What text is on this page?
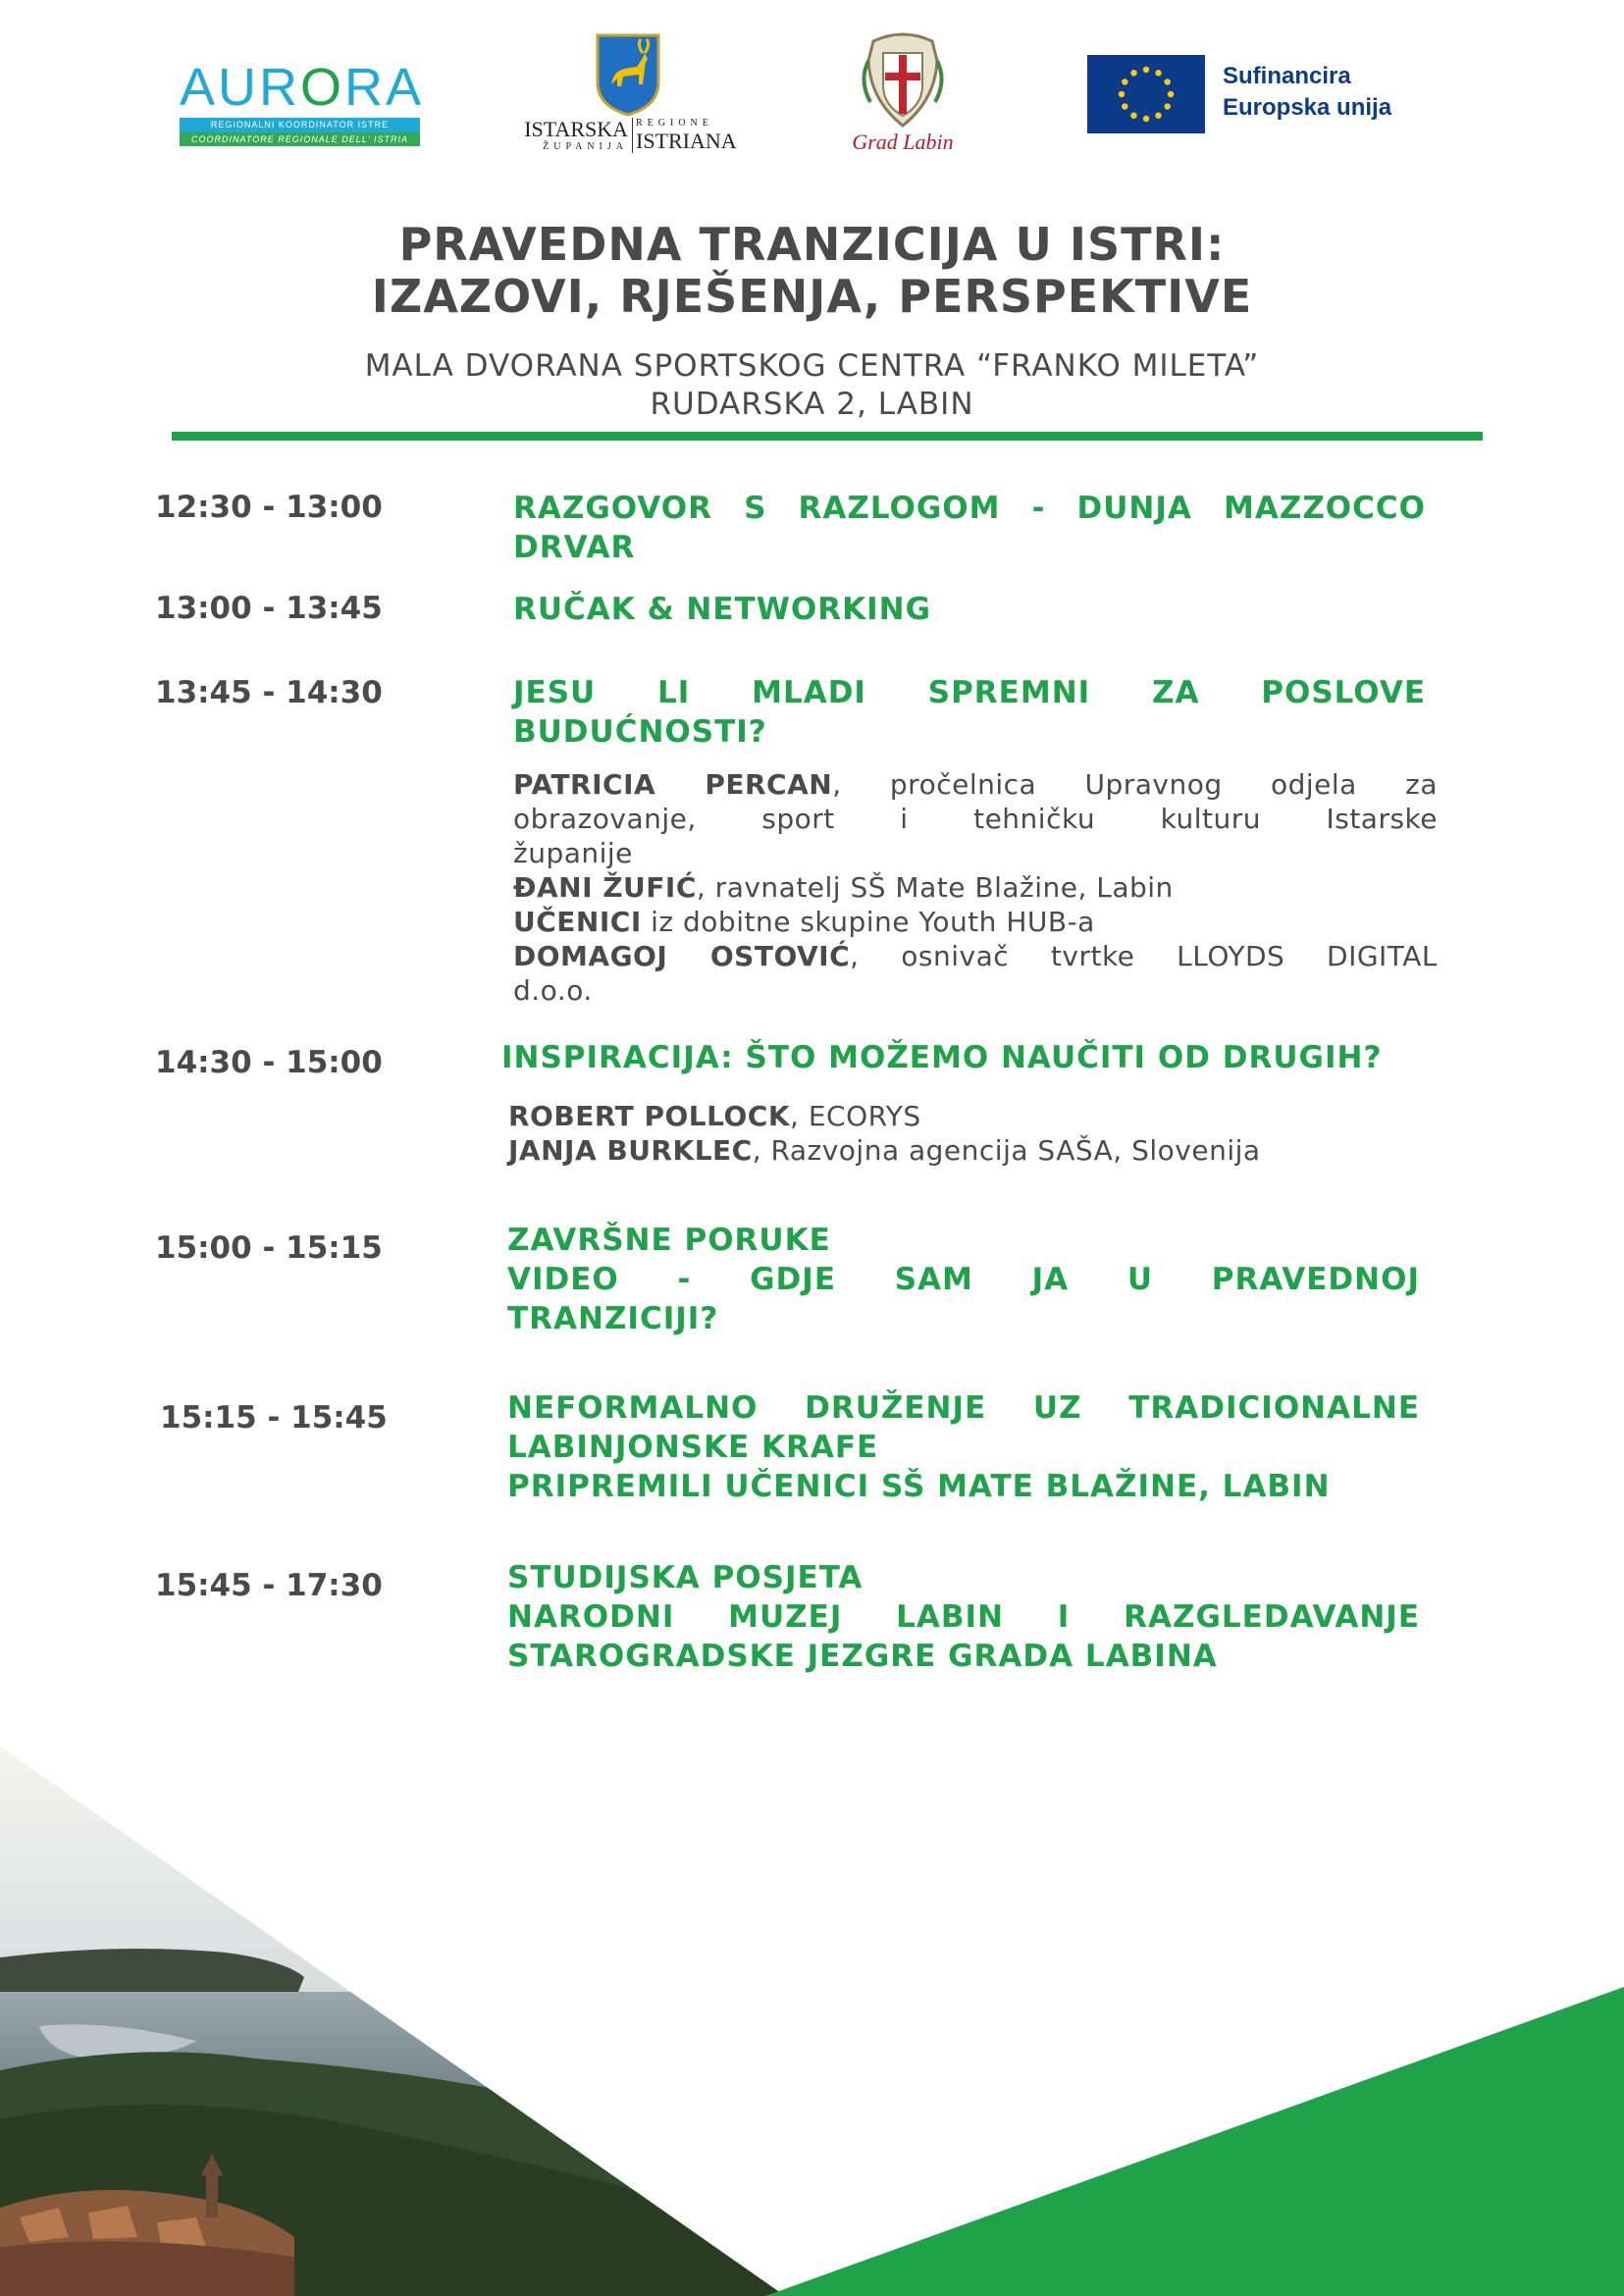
AURORA
REGIONALNI KOORDINATOR ISTRE
COORDINATORE REGIONALE DELL' ISTRIA	ISTARSKA
ŽUPANIJA
REGIONE
ISTRIANA	Grad Labin
Sufinancira
Europska unija
PRAVEDNA TRANZICIJA U ISTRI:
IZAZOVI, RJEŠENJA, PERSPEKTIVE
MALA DVORANA SPORTSKOG CENTRA “FRANKO MILETA”
RUDARSKA 2, LABIN
12:30 - 13:00	RAZGOVOR S RAZLOGOM - DUNJA MAZZOCCO
DRVAR
13:00 - 13:45	RUČAK & NETWORKING
13:45 - 14:30	JESU LI MLADI SPREMNI ZA POSLOVE
BUDUĆNOSTI?
PATRICIA PERCAN, pročelnica Upravnog odjela za
obrazovanje, sport i tehničku kulturu Istarske
županije
ĐANI ŽUFIĆ, ravnatelj SŠ Mate Blažine, Labin
UČENICI iz dobitne skupine Youth HUB-a
DOMAGOJ OSTOVIĆ, osnivač tvrtke LLOYDS DIGITAL
d.o.o.
14:30 - 15:00	INSPIRACIJA: ŠTO MOŽEMO NAUČITI OD DRUGIH?
ROBERT POLLOCK, ECORYS
JANJA BURKLEC, Razvojna agencija SAŠA, Slovenija
15:00 - 15:15	ZAVRŠNE PORUKE
VIDEO - GDJE SAM JA U PRAVEDNOJ
TRANZICIJI?
15:15 - 15:45	NEFORMALNO DRUŽENJE UZ TRADICIONALNE
LABINJONSKE KRAFE
PRIPREMILI UČENICI SŠ MATE BLAŽINE, LABIN
15:45 - 17:30	STUDIJSKA POSJETA
NARODNI MUZEJ LABIN I RAZGLEDAVANJE
STAROGRADSKE JEZGRE GRADA LABINA
